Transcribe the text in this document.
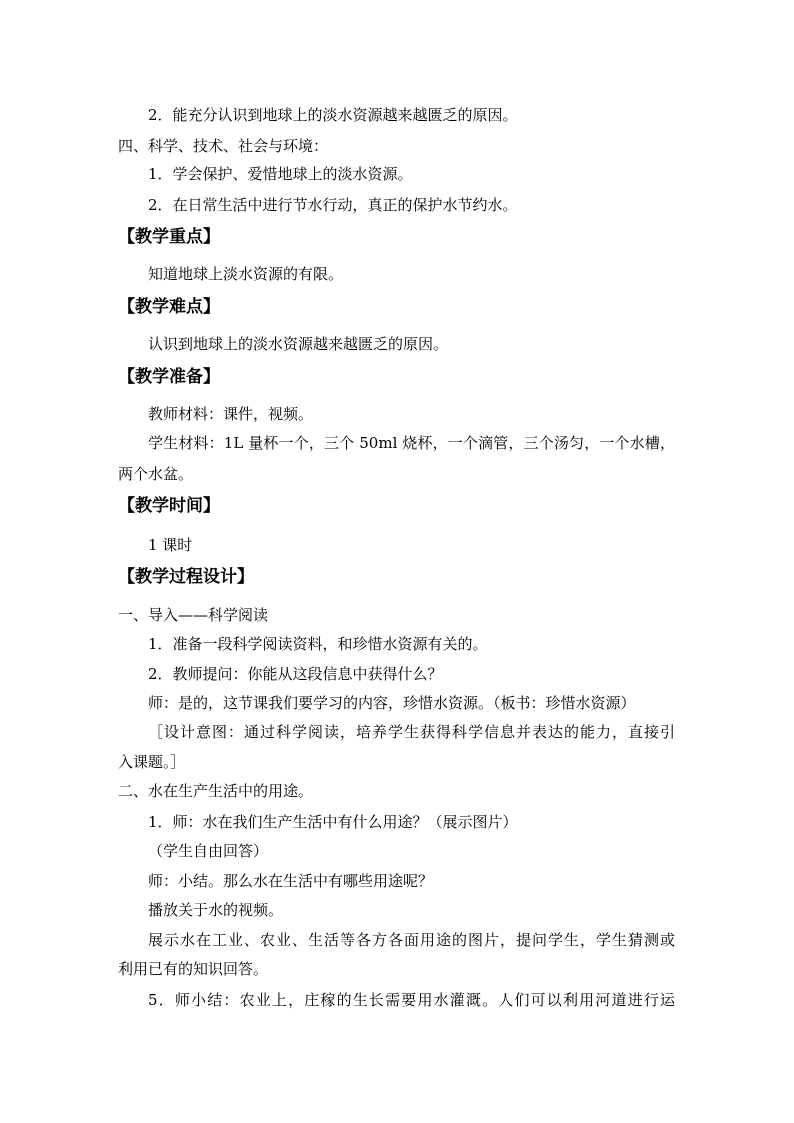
2．能充分认识到地球上的淡水资源越来越匮乏的原因。
四、科学、技术、社会与环境：
1．学会保护、爱惜地球上的淡水资源。
2．在日常生活中进行节水行动，真正的保护水节约水。
【教学重点】
知道地球上淡水资源的有限。
【教学难点】
认识到地球上的淡水资源越来越匮乏的原因。
【教学准备】
教师材料：课件，视频。
学生材料：1L 量杯一个，三个 50ml 烧杯，一个滴管，三个汤匀，一个水槽，
两个水盆。
【教学时间】
1 课时
【教学过程设计】
一、导入——科学阅读
1．准备一段科学阅读资料，和珍惜水资源有关的。
2．教师提问：你能从这段信息中获得什么？
师：是的，这节课我们要学习的内容，珍惜水资源。（板书：珍惜水资源）
［设计意图：通过科学阅读，培养学生获得科学信息并表达的能力，直接引
入课题。］
二、水在生产生活中的用途。
1．师：水在我们生产生活中有什么用途？（展示图片）
（学生自由回答）
师：小结。那么水在生活中有哪些用途呢？
播放关于水的视频。
展示水在工业、农业、生活等各方各面用途的图片，提问学生，学生猜测或
利用已有的知识回答。
5．师小结：农业上，庄稼的生长需要用水灌溉。人们可以利用河道进行运
